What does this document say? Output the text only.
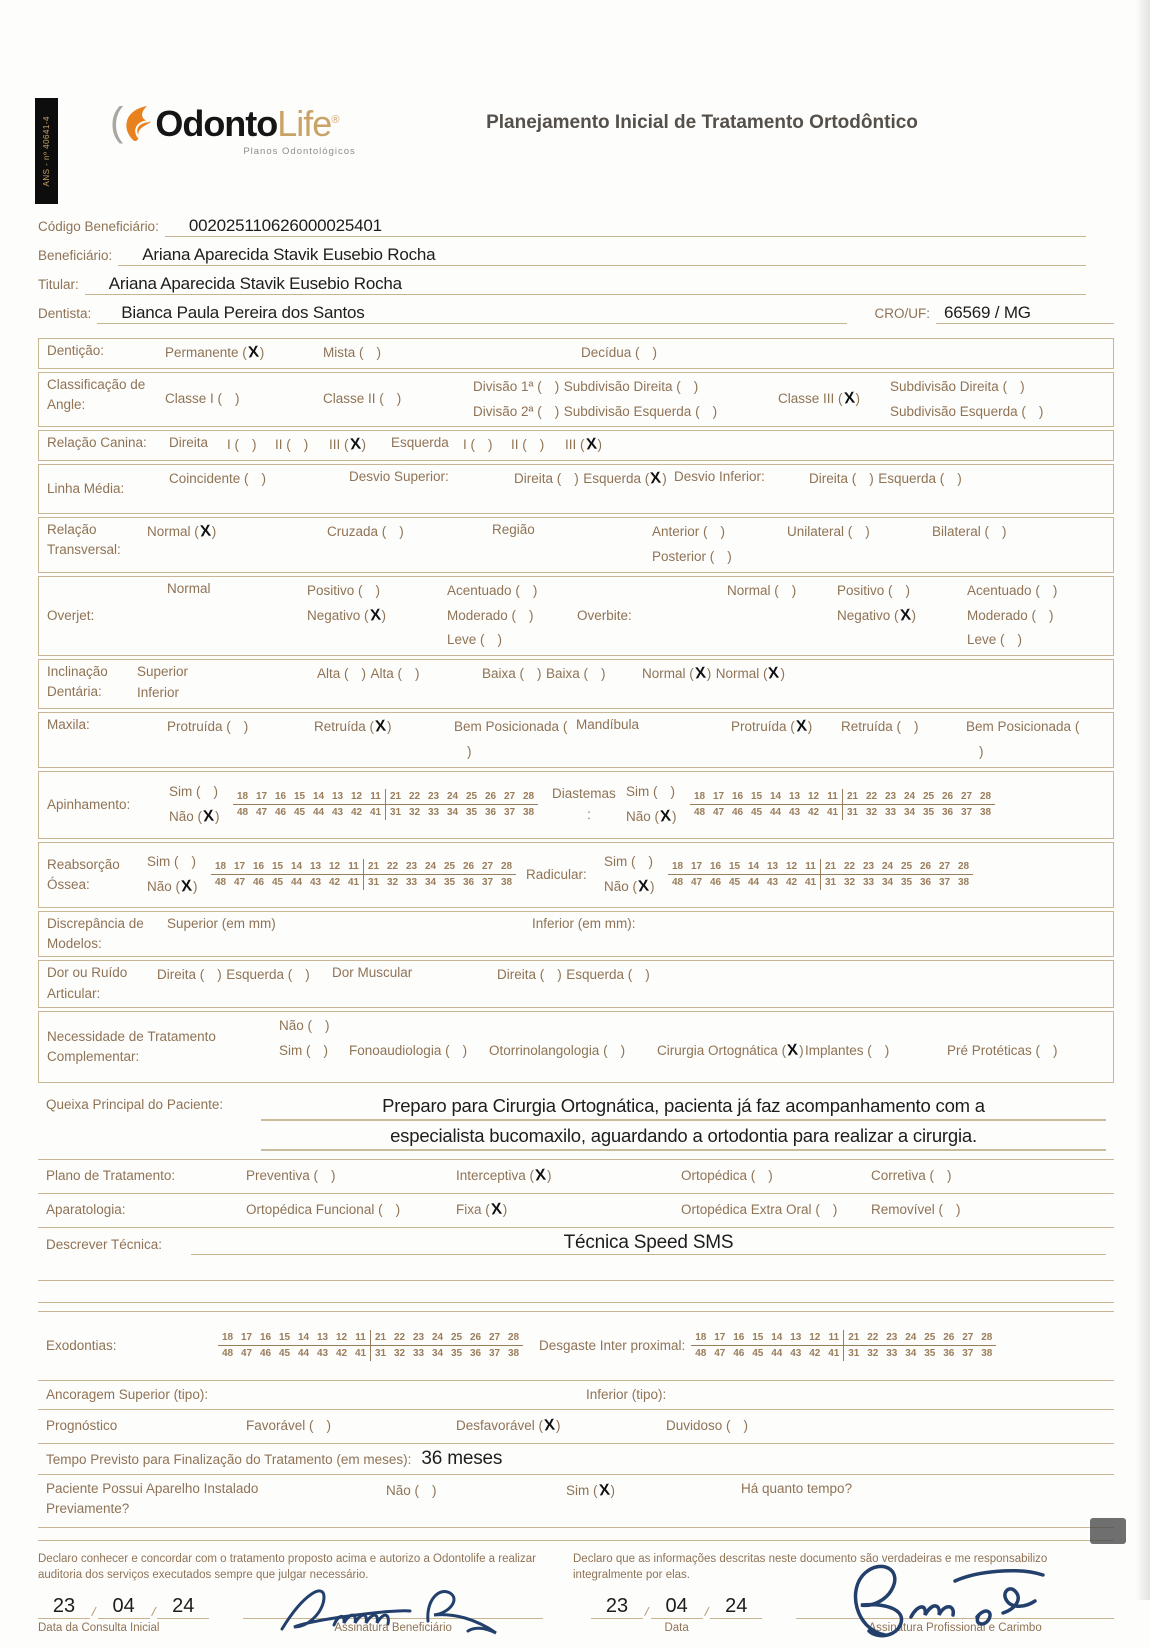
ANS - nº 40641-4 ( OdontoLife®
Planos Odontológicos
Planejamento Inicial de Tratamento Ortodôntico
Código Beneficiário: 002025110626000025401
Beneficiário: Ariana Aparecida Stavik Eusebio Rocha
Titular: Ariana Aparecida Stavik Eusebio Rocha
Dentista: Bianca Paula Pereira dos Santos	CRO/UF: 66569 / MG
Dentição:	Permanente (X)	Mista ( )	Decídua ( )
Classificação de Angle:	Classe I ( )	Classe II ( )
Divisão 1ª ( ) Subdivisão Direita ( )
Divisão 2ª ( ) Subdivisão Esquerda ( )
Classe III (X)
Subdivisão Direita ( ) Subdivisão Esquerda ( )
Relação Canina:	Direita	I ( )	II ( )	III (X)	Esquerda	I ( )	II ( )	III (X)
Linha Média:
Coincidente ( )	Desvio Superior:	Direita ( ) Esquerda (X) Desvio Inferior:	Direita ( ) Esquerda ( )
Relação Transversal:
Normal (X)	Cruzada ( )	Região	Anterior ( ) Posterior ( )
Unilateral ( )	Bilateral ( )
Overjet:
Normal	Positivo ( ) Negativo (X)
Acentuado ( ) Moderado ( ) Leve ( )
Overbite:
Normal ( )	Positivo ( ) Negativo (X)
Acentuado ( ) Moderado ( ) Leve ( )
Inclinação Dentária:
Superior
Inferior
Alta ( ) Alta ( )	Baixa ( ) Baixa ( )	Normal (X) Normal (X)
Maxila:	Protruída ( )	Retruída (X)	Bem Posicionada ( )
Mandíbula	Protruída (X)	Retruída ( )	Bem Posicionada ( )
Apinhamento:
Sim ( ) Não (X)
18 17 16 15 14 13 12 11 21 22 23 24 25 26 27 28
48 47 46 45 44 43 42 41 31 32 33 34 35 36 37 38
Diastemas
:
Sim ( ) Não (X)
18 17 16 15 14 13 12 11 21 22 23 24 25 26 27 28
48 47 46 45 44 43 42 41 31 32 33 34 35 36 37 38
Reabsorção Óssea:
Sim ( ) Não (X)
18 17 16 15 14 13 12 11 21 22 23 24 25 26 27 28
48 47 46 45 44 43 42 41 31 32 33 34 35 36 37 38
Radicular:
Sim ( ) Não (X)
18 17 16 15 14 13 12 11 21 22 23 24 25 26 27 28
48 47 46 45 44 43 42 41 31 32 33 34 35 36 37 38
Discrepância de Modelos:
Superior (em mm)	Inferior (em mm):
Dor ou Ruído Articular:
Direita ( ) Esquerda ( )	Dor Muscular	Direita ( ) Esquerda ( )
Necessidade de Tratamento Complementar:
Não ( )
Sim ( )	Fonoaudiologia ( )	Otorrinolangologia ( )	Cirurgia Ortognática (X) Implantes ( )	Pré Protéticas ( )
Queixa Principal do Paciente:	Preparo para Cirurgia Ortognática, pacienta já faz acompanhamento com a
especialista bucomaxilo, aguardando a ortodontia para realizar a cirurgia.
Plano de Tratamento:	Preventiva ( )	Interceptiva (X)	Ortopédica ( )	Corretiva ( )
Aparatologia:	Ortopédica Funcional ( )	Fixa (X)	Ortopédica Extra Oral ( )	Removível ( )
Descrever Técnica:	Técnica Speed SMS
Exodontias:	18 17 16 15 14 13 12 11 21 22 23 24 25 26 27 28
48 47 46 45 44 43 42 41 31 32 33 34 35 36 37 38
Desgaste Inter proximal: 18 17 16 15 14 13 12 11 21 22 23 24 25 26 27 28
48 47 46 45 44 43 42 41 31 32 33 34 35 36 37 38
Ancoragem Superior (tipo):	Inferior (tipo):
Prognóstico	Favorável ( )	Desfavorável (X)	Duvidoso ( )
Tempo Previsto para Finalização do Tratamento (em meses): 36 meses
Paciente Possui Aparelho Instalado Previamente?
Não ( )	Sim (X)	Há quanto tempo?
Declaro conhecer e concordar com o tratamento proposto acima e autorizo a Odontolife a realizar auditoria dos serviços executados sempre que julgar necessário.
23	/ 04	/ 24
Data da Consulta Inicial	Assinatura Beneficiário
Declaro que as informações descritas neste documento são verdadeiras e me responsabilizo integralmente por elas.
23	/ 04	/ 24
Data	Assinatura Profissional e Carimbo
